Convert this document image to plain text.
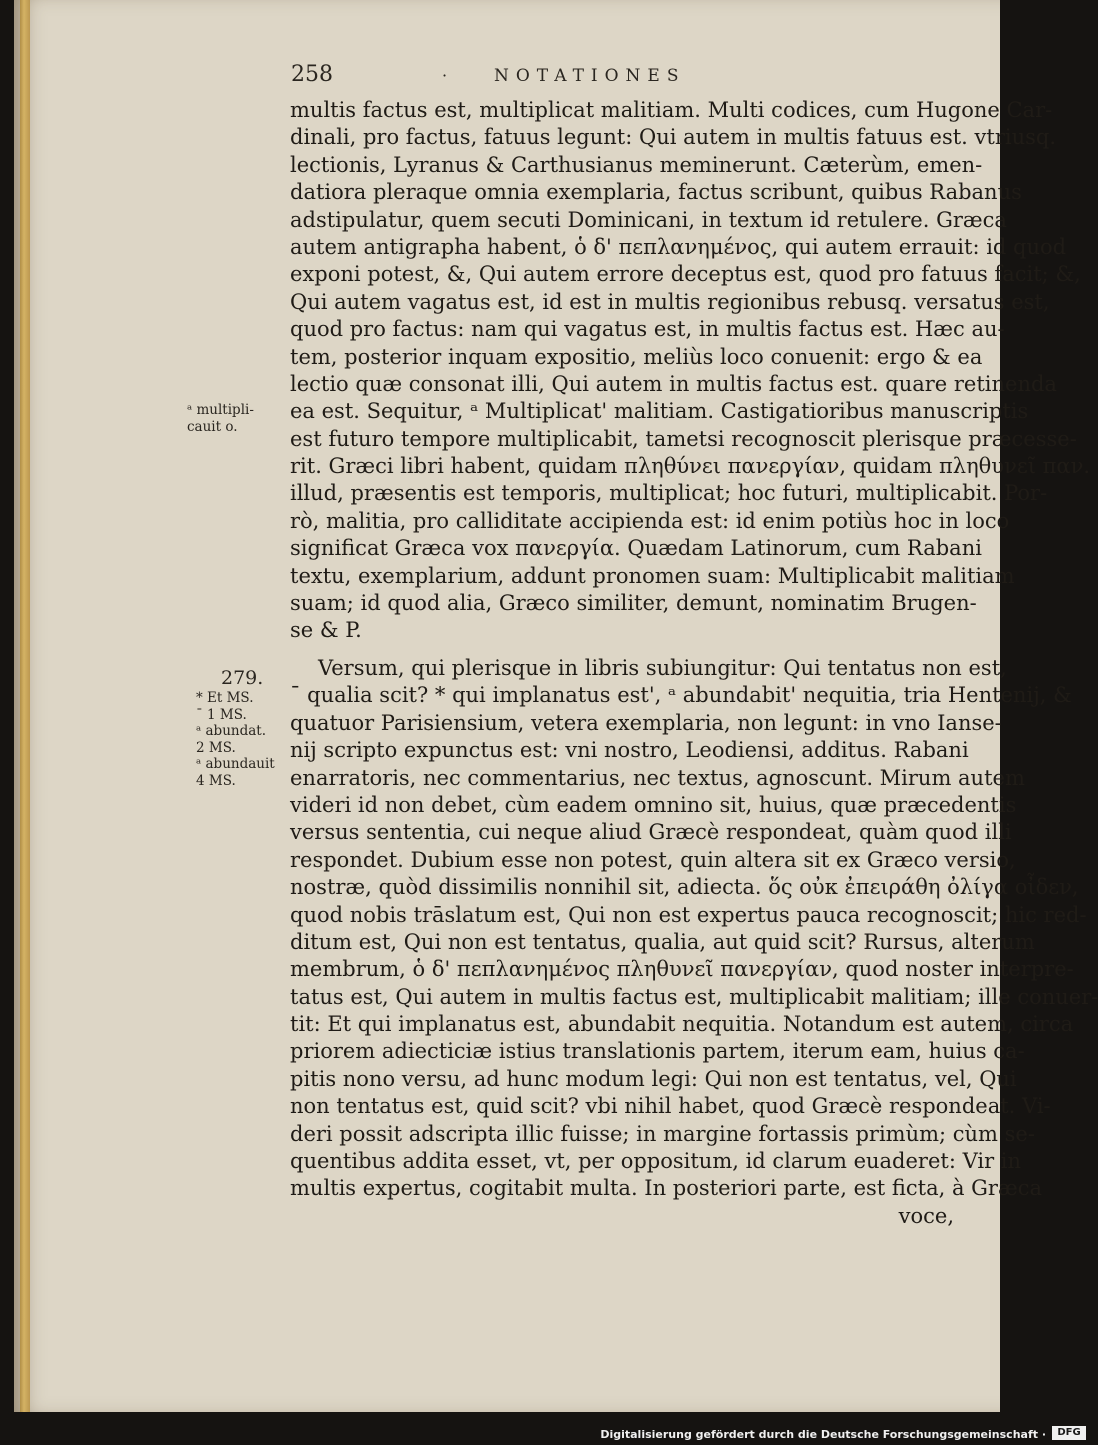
258	·	NOTATIONES
multis factus est, multiplicat malitiam. Multi codices, cum Hugone Car-
dinali, pro factus, fatuus legunt: Qui autem in multis fatuus est. vtriusq.
lectionis, Lyranus & Carthusianus meminerunt. Cæterùm, emen-
datiora pleraque omnia exemplaria, factus scribunt, quibus Rabanus
adstipulatur, quem secuti Dominicani, in textum id retulere. Græca
autem antigrapha habent, ὁ δ' πεπλανημένος, qui autem errauit: id quod
exponi potest, &, Qui autem errore deceptus est, quod pro fatuus facit; &,
Qui autem vagatus est, id est in multis regionibus rebusq. versatus est,
quod pro factus: nam qui vagatus est, in multis factus est. Hæc au-
tem, posterior inquam expositio, meliùs loco conuenit: ergo & ea
lectio quæ consonat illi, Qui autem in multis factus est. quare retinenda
ea est. Sequitur, ᵃ Multiplicat' malitiam. Castigatioribus manuscriptis
est futuro tempore multiplicabit, tametsi recognoscit plerisque præcesse-
rit. Græci libri habent, quidam πληθύνει πανεργίαν, quidam πληθυνεῖ παν.
illud, præsentis est temporis, multiplicat; hoc futuri, multiplicabit. Por-
rò, malitia, pro calliditate accipienda est: id enim potiùs hoc in loco
significat Græca vox πανεργία. Quædam Latinorum, cum Rabani
textu, exemplarium, addunt pronomen suam: Multiplicabit malitiam
suam; id quod alia, Græco similiter, demunt, nominatim Brugen-
se & P.
ᵃ multipli-
cauit o.
279.
* Et MS.
ˉ 1 MS.
ᵃ abundat.
2 MS.
ᵃ abundauit
4 MS.
Versum, qui plerisque in libris subiungitur: Qui tentatus non est,
ˉ qualia scit? * qui implanatus est', ᵃ abundabit' nequitia, tria Hentenij, &
quatuor Parisiensium, vetera exemplaria, non legunt: in vno Ianse-
nij scripto expunctus est: vni nostro, Leodiensi, additus. Rabani
enarratoris, nec commentarius, nec textus, agnoscunt. Mirum autem
videri id non debet, cùm eadem omnino sit, huius, quæ præcedentis
versus sententia, cui neque aliud Græcè respondeat, quàm quod illi
respondet. Dubium esse non potest, quin altera sit ex Græco versio,
nostræ, quòd dissimilis nonnihil sit, adiecta. ὅς οὐκ ἐπειράθη ὀλίγα οἶδεν,
quod nobis trāslatum est, Qui non est expertus pauca recognoscit; hic red-
ditum est, Qui non est tentatus, qualia, aut quid scit? Rursus, alterum
membrum, ὁ δ' πεπλανημένος πληθυνεῖ πανεργίαν, quod noster interpre-
tatus est, Qui autem in multis factus est, multiplicabit malitiam; ille conuer-
tit: Et qui implanatus est, abundabit nequitia. Notandum est autem, circa
priorem adiecticiæ istius translationis partem, iterum eam, huius ca-
pitis nono versu, ad hunc modum legi: Qui non est tentatus, vel, Qui
non tentatus est, quid scit? vbi nihil habet, quod Græcè respondeat. Vi-
deri possit adscripta illic fuisse; in margine fortassis primùm; cùm se-
quentibus addita esset, vt, per oppositum, id clarum euaderet: Vir in
multis expertus, cogitabit multa. In posteriori parte, est ficta, à Græca
voce,
Digitalisierung gefördert durch die Deutsche Forschungsgemeinschaft ·	DFG
